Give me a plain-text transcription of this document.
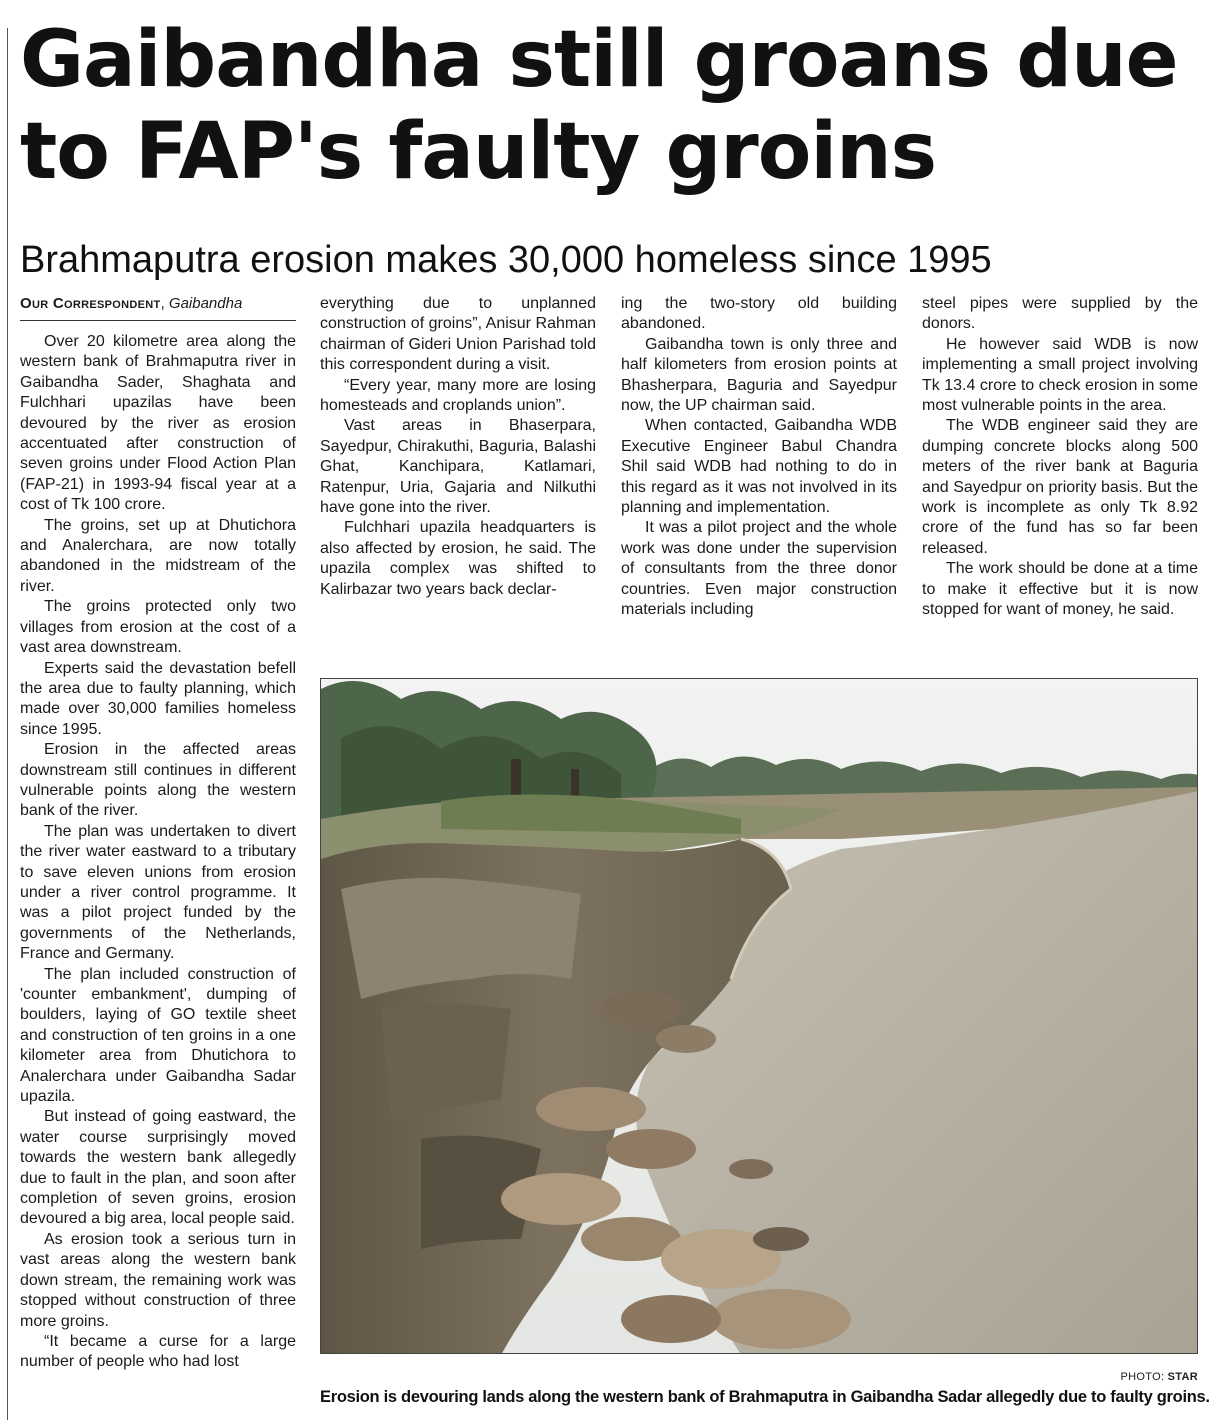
Gaibandha still groans due
to FAP's faulty groins
Brahmaputra erosion makes 30,000 homeless since 1995
Our Correspondent, Gaibandha

Over 20 kilometre area along the western bank of Brahmaputra river in Gaibandha Sader, Shaghata and Fulchhari upazilas have been devoured by the river as erosion accentuated after construction of seven groins under Flood Action Plan (FAP-21) in 1993-94 fiscal year at a cost of Tk 100 crore.

The groins, set up at Dhutichora and Analercharа, are now totally abandoned in the midstream of the river.

The groins protected only two villages from erosion at the cost of a vast area downstream.

Experts said the devastation befell the area due to faulty planning, which made over 30,000 families homeless since 1995.

Erosion in the affected areas downstream still continues in different vulnerable points along the western bank of the river.

The plan was undertaken to divert the river water eastward to a tributary to save eleven unions from erosion under a river control programme. It was a pilot project funded by the governments of the Netherlands, France and Germany.

The plan included construction of 'counter embankment', dumping of boulders, laying of GO textile sheet and construction of ten groins in a one kilometer area from Dhutichora to Analercharа under Gaibandha Sadar upazila.

But instead of going eastward, the water course surprisingly moved towards the western bank allegedly due to fault in the plan, and soon after completion of seven groins, erosion devoured a big area, local people said.

As erosion took a serious turn in vast areas along the western bank down stream, the remaining work was stopped without construction of three more groins.

“It became a curse for a large number of people who had lost

everything due to unplanned construction of groins”, Anisur Rahman chairman of Gideri Union Parishad told this correspondent during a visit.

“Every year, many more are losing homesteads and croplands union”.

Vast areas in Bhaserpara, Sayedpur, Chirakuthi, Baguria, Balashi Ghat, Kanchipara, Katlamari, Ratenpur, Uria, Gajaria and Nilkuthi have gone into the river.

Fulchhari upazila headquarters is also affected by erosion, he said. The upazila complex was shifted to Kalirbazar two years back declar-

ing the two-story old building abandoned.

Gaibandha town is only three and half kilometers from erosion points at Bhasherpara, Baguria and Sayedpur now, the UP chairman said.

When contacted, Gaibandha WDB Executive Engineer Babul Chandra Shil said WDB had nothing to do in this regard as it was not involved in its planning and implementation.

It was a pilot project and the whole work was done under the supervision of consultants from the three donor countries. Even major construction materials including

steel pipes were supplied by the donors.

He however said WDB is now implementing a small project involving Tk 13.4 crore to check erosion in some most vulnerable points in the area.

The WDB engineer said they are dumping concrete blocks along 500 meters of the river bank at Baguria and Sayedpur on priority basis. But the work is incomplete as only Tk 8.92 crore of the fund has so far been released.

The work should be done at a time to make it effective but it is now stopped for want of money, he said.

PHOTO: STAR
Erosion is devouring lands along the western bank of Brahmaputra in Gaibandha Sadar allegedly due to faulty groins.
